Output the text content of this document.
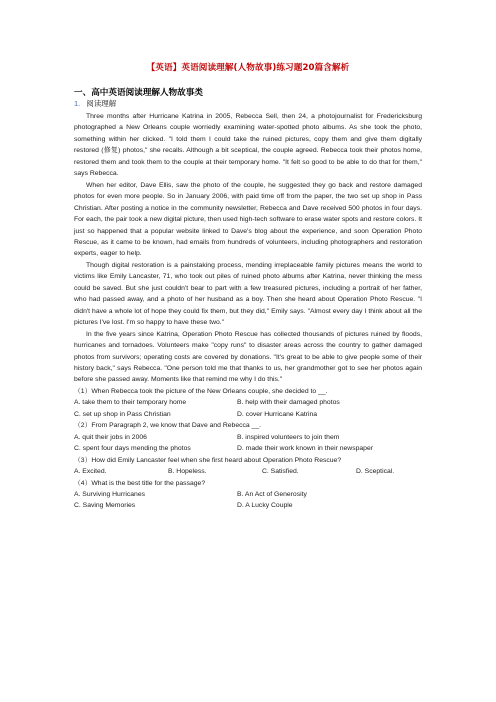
【英语】英语阅读理解(人物故事)练习题20篇含解析
一、高中英语阅读理解人物故事类
1. 阅读理解

Three months after Hurricane Katrina in 2005, Rebecca Sell, then 24, a photojournalist for Fredericksburg photographed a New Orleans couple worriedly examining water-spotted photo albums. As she took the photo, something within her clicked. "I told them I could take the ruined pictures, copy them and give them digitally restored (修复) photos," she recalls. Although a bit sceptical, the couple agreed. Rebecca took their photos home, restored them and took them to the couple at their temporary home. "It felt so good to be able to do that for them," says Rebecca.

When her editor, Dave Ellis, saw the photo of the couple, he suggested they go back and restore damaged photos for even more people. So in January 2006, with paid time off from the paper, the two set up shop in Pass Christian. After posting a notice in the community newsletter, Rebecca and Dave received 500 photos in four days. For each, the pair took a new digital picture, then used high-tech software to erase water spots and restore colors. It just so happened that a popular website linked to Dave's blog about the experience, and soon Operation Photo Rescue, as it came to be known, had emails from hundreds of volunteers, including photographers and restoration experts, eager to help.

Though digital restoration is a painstaking process, mending irreplaceable family pictures means the world to victims like Emily Lancaster, 71, who took out piles of ruined photo albums after Katrina, never thinking the mess could be saved. But she just couldn't bear to part with a few treasured pictures, including a portrait of her father, who had passed away, and a photo of her husband as a boy. Then she heard about Operation Photo Rescue. "I didn't have a whole lot of hope they could fix them, but they did," Emily says. "Almost every day I think about all the pictures I've lost. I'm so happy to have these two."

In the five years since Katrina, Operation Photo Rescue has collected thousands of pictures ruined by floods, hurricanes and tornadoes. Volunteers make "copy runs" to disaster areas across the country to gather damaged photos from survivors; operating costs are covered by donations. "It's great to be able to give people some of their history back," says Rebecca. "One person told me that thanks to us, her grandmother got to see her photos again before she passed away. Moments like that remind me why I do this."

（1）When Rebecca took the picture of the New Orleans couple, she decided to __.
A. take them to their temporary home	B. help with their damaged photos
C. set up shop in Pass Christian	D. cover Hurricane Katrina
（2）From Paragraph 2, we know that Dave and Rebecca __.
A. quit their jobs in 2006	B. inspired volunteers to join them
C. spent four days mending the photos	D. made their work known in their newspaper
（3）How did Emily Lancaster feel when she first heard about Operation Photo Rescue?
A. Excited.	B. Hopeless.	C. Satisfied.	D. Sceptical.
（4）What is the best title for the passage?
A. Surviving Hurricanes	B. An Act of Generosity
C. Saving Memories	D. A Lucky Couple
